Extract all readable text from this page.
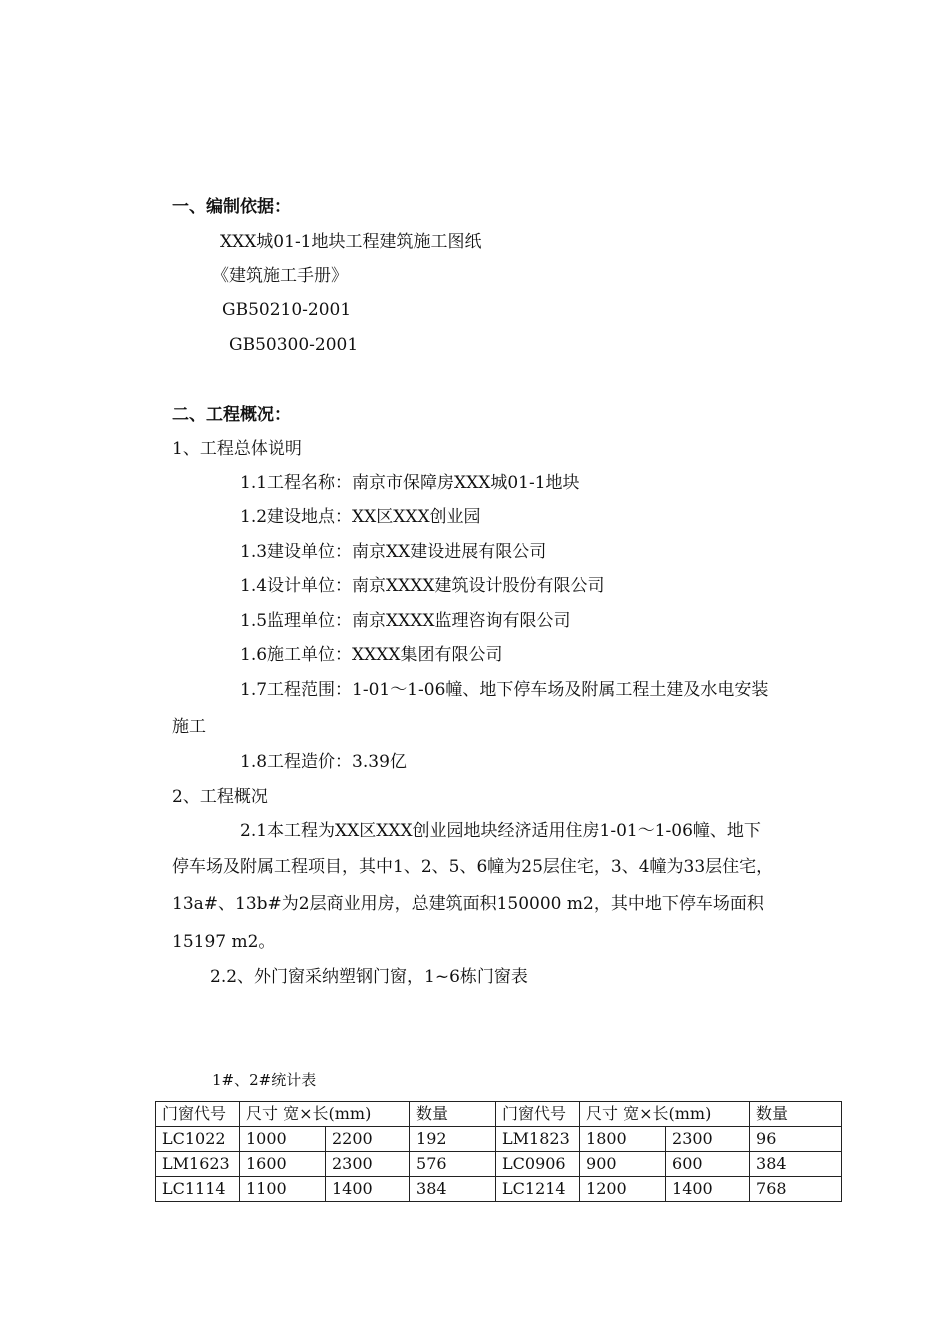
一、编制依据：
XXX城01-1地块工程建筑施工图纸
《建筑施工手册》
GB50210-2001
GB50300-2001
二、工程概况：
1、工程总体说明
1.1工程名称：南京市保障房XXX城01-1地块
1.2建设地点：XX区XXX创业园
1.3建设单位：南京XX建设进展有限公司
1.4设计单位：南京XXXX建筑设计股份有限公司
1.5监理单位：南京XXXX监理咨询有限公司
1.6施工单位：XXXX集团有限公司
1.7工程范围：1-01～1-06幢、地下停车场及附属工程土建及水电安装
施工
1.8工程造价：3.39亿
2、工程概况
2.1本工程为XX区XXX创业园地块经济适用住房1-01～1-06幢、地下
停车场及附属工程项目，其中1、2、5、6幢为25层住宅，3、4幢为33层住宅，
13a#、13b#为2层商业用房，总建筑面积150000 m2，其中地下停车场面积
15197 m2。
2.2、外门窗采纳塑钢门窗，1~6栋门窗表
1#、2#统计表
门窗代号	尺寸 宽×长(mm)		数量	门窗代号	尺寸 宽×长(mm)		数量
LC1022	1000	2200	192	LM1823	1800	2300	96
LM1623	1600	2300	576	LC0906	900	600	384
LC1114	1100	1400	384	LC1214	1200	1400	768
